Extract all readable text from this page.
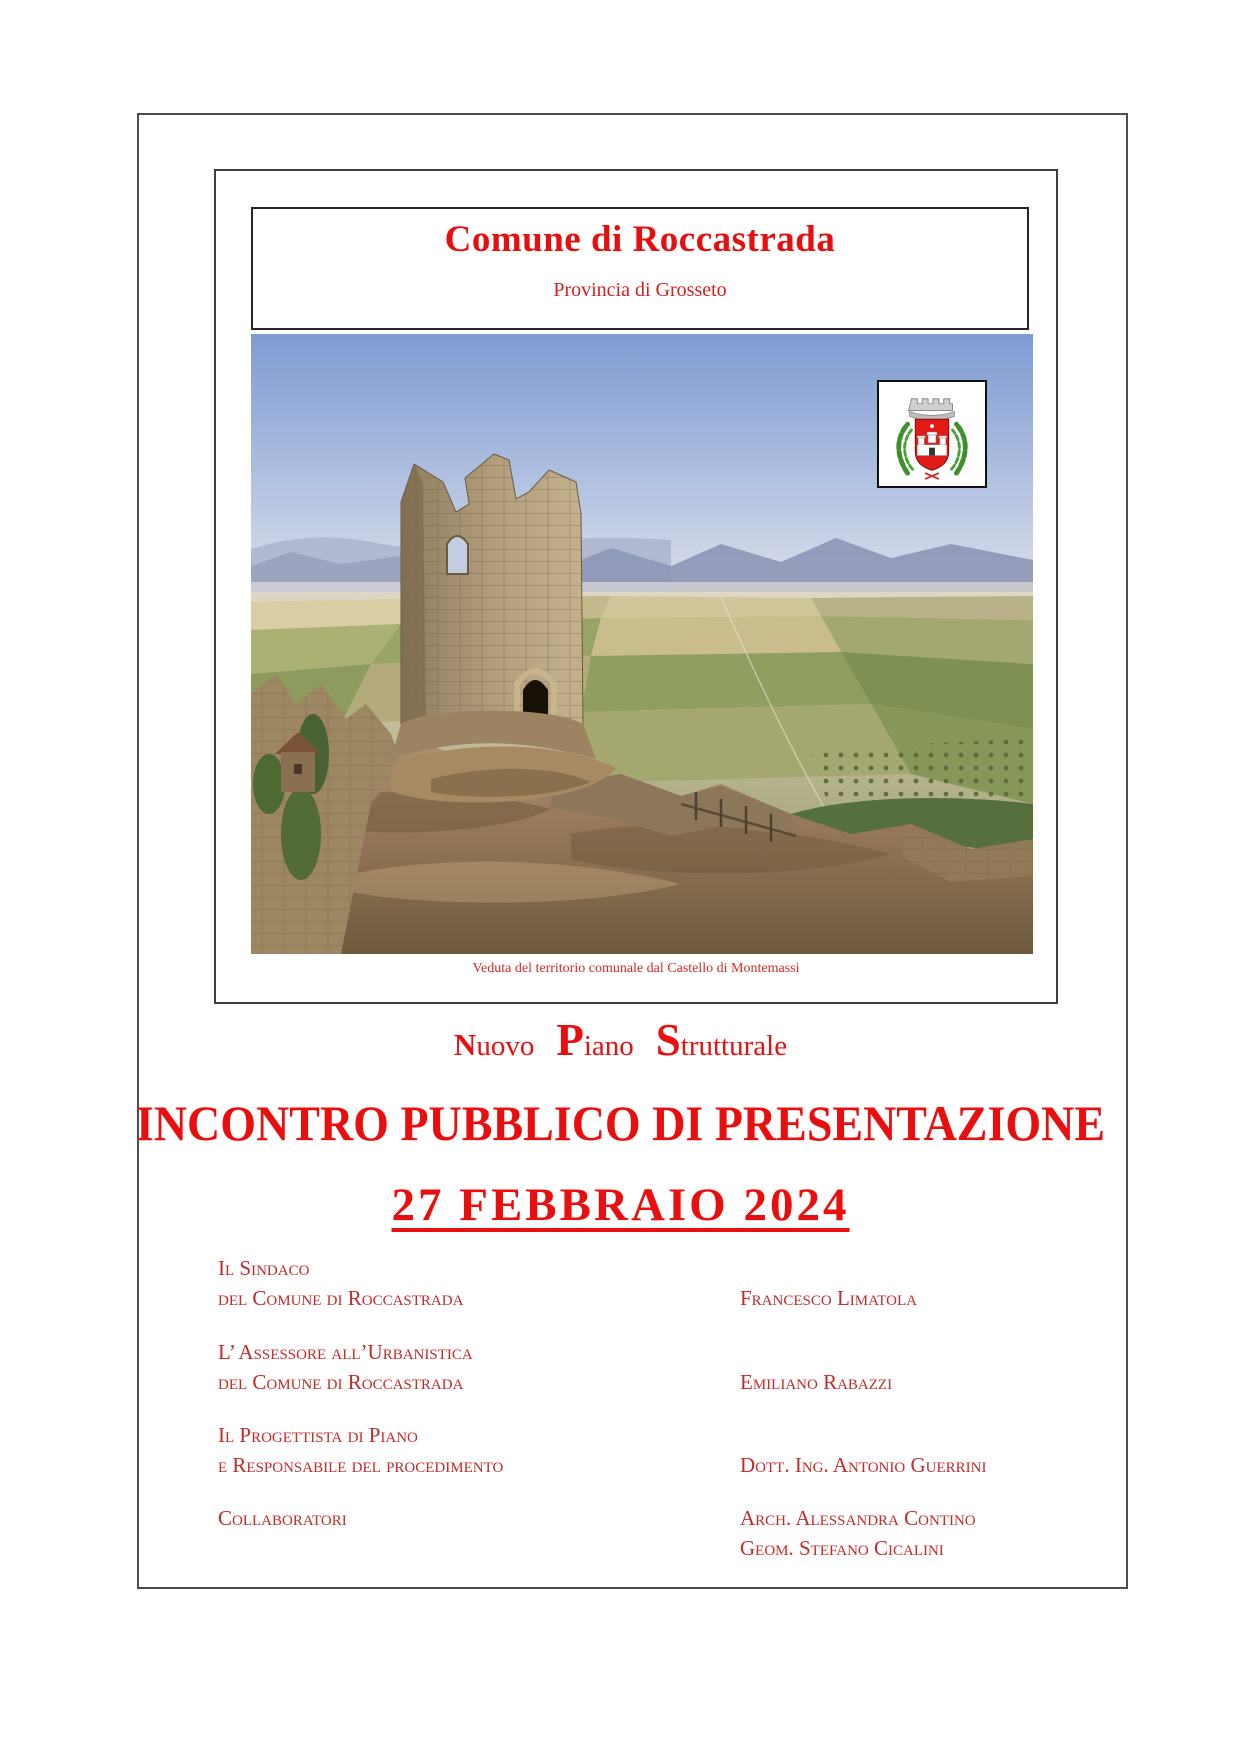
Comune di Roccastrada
Provincia di Grosseto
Veduta del territorio comunale dal Castello di Montemassi
Nuovo Piano Strutturale
INCONTRO PUBBLICO DI PRESENTAZIONE
27 FEBBRAIO 2024
Il Sindaco
del Comune di Roccastrada	Francesco Limatola
L’ Assessore all’Urbanistica
del Comune di Roccastrada	Emiliano Rabazzi
Il Progettista di Piano
e Responsabile del procedimento	Dott. Ing. Antonio Guerrini
Collaboratori	Arch. Alessandra Contino
Geom. Stefano Cicalini
